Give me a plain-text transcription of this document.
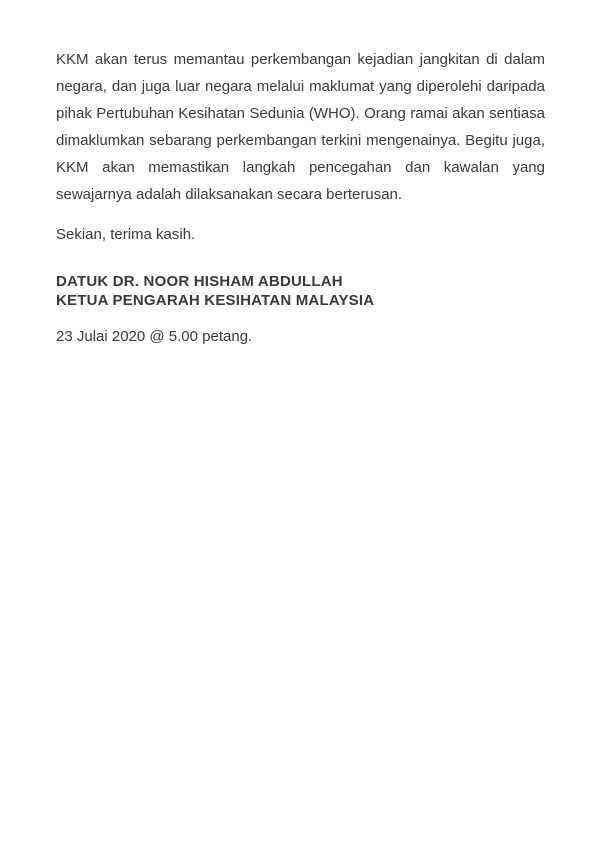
KKM akan terus memantau perkembangan kejadian jangkitan di dalam negara, dan juga luar negara melalui maklumat yang diperolehi daripada pihak Pertubuhan Kesihatan Sedunia (WHO). Orang ramai akan sentiasa dimaklumkan sebarang perkembangan terkini mengenainya. Begitu juga, KKM akan memastikan langkah pencegahan dan kawalan yang sewajarnya adalah dilaksanakan secara berterusan.

Sekian, terima kasih.

DATUK DR. NOOR HISHAM ABDULLAH
KETUA PENGARAH KESIHATAN MALAYSIA

23 Julai 2020 @ 5.00 petang.
